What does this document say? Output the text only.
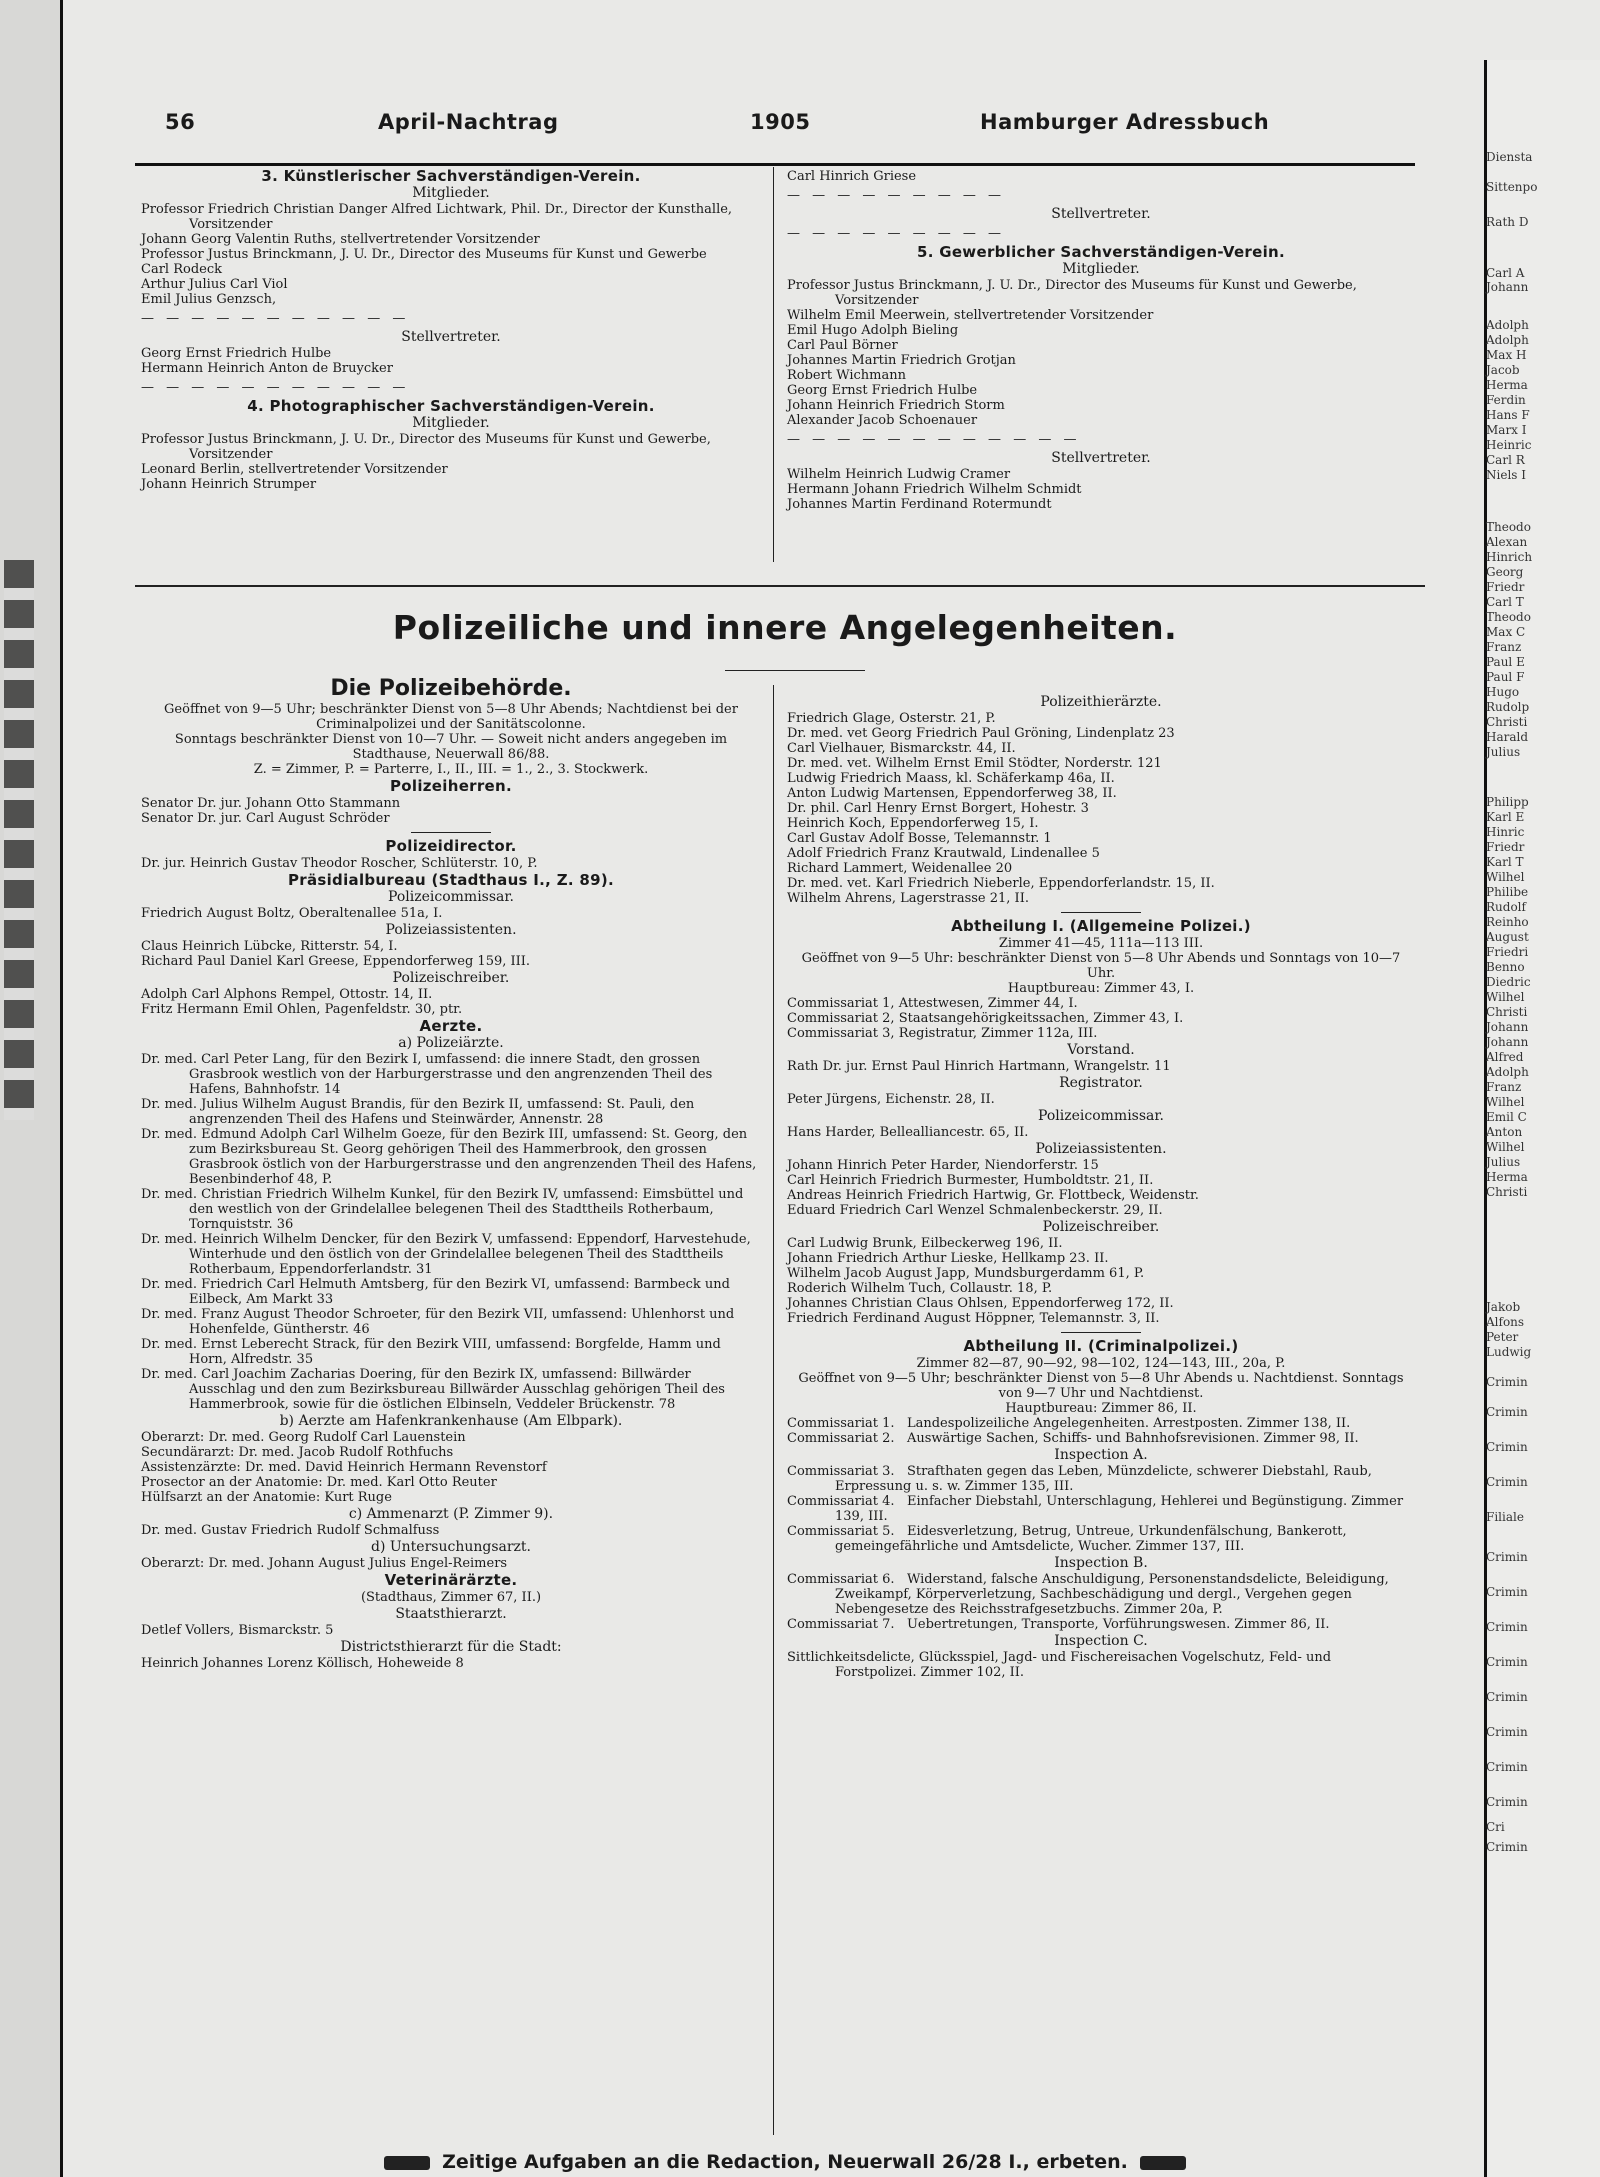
Diensta
Sittenpo
Rath D
Carl A
Johann
Adolph
Adolph
Max H
Jacob
Herma
Ferdin
Hans F
Marx I
Heinric
Carl R
Niels I
Theodo
Alexan
Hinrich
Georg
Friedr
Carl T
Theodo
Max C
Franz
Paul E
Paul F
Hugo
Rudolp
Christi
Harald
Julius
Philipp
Karl E
Hinric
Friedr
Karl T
Wilhel
Philibe
Rudolf
Reinho
August
Friedri
Benno
Diedric
Wilhel
Christi
Johann
Johann
Alfred
Adolph
Franz
Wilhel
Emil C
Anton
Wilhel
Julius
Herma
Christi
Jakob
Alfons
Peter
Ludwig
Crimin
Crimin
Crimin
Crimin
Filiale
Crimin
Crimin
Crimin
Crimin
Crimin
Crimin
Crimin
Crimin
Cri
Crimin
56	April-Nachtrag	1905	Hamburger Adressbuch
3. Künstlerischer Sachverständigen-Verein.
Mitglieder.
Professor Friedrich Christian Danger Alfred Lichtwark, Phil. Dr., Director der Kunsthalle, Vorsitzender
Johann Georg Valentin Ruths, stellvertretender Vorsitzender
Professor Justus Brinckmann, J. U. Dr., Director des Museums für Kunst und Gewerbe
Carl Rodeck
Arthur Julius Carl Viol
Emil Julius Genzsch,
— — — — — — — — — — —
Stellvertreter.
Georg Ernst Friedrich Hulbe
Hermann Heinrich Anton de Bruycker
— — — — — — — — — — —
4. Photographischer Sachverständigen-Verein.
Mitglieder.
Professor Justus Brinckmann, J. U. Dr., Director des Museums für Kunst und Gewerbe, Vorsitzender
Leonard Berlin, stellvertretender Vorsitzender
Johann Heinrich Strumper
Carl Hinrich Griese
— — — — — — — — —
Stellvertreter.
— — — — — — — — —
5. Gewerblicher Sachverständigen-Verein.
Mitglieder.
Professor Justus Brinckmann, J. U. Dr., Director des Museums für Kunst und Gewerbe, Vorsitzender
Wilhelm Emil Meerwein, stellvertretender Vorsitzender
Emil Hugo Adolph Bieling
Carl Paul Börner
Johannes Martin Friedrich Grotjan
Robert Wichmann
Georg Ernst Friedrich Hulbe
Johann Heinrich Friedrich Storm
Alexander Jacob Schoenauer
— — — — — — — — — — — —
Stellvertreter.
Wilhelm Heinrich Ludwig Cramer
Hermann Johann Friedrich Wilhelm Schmidt
Johannes Martin Ferdinand Rotermundt
Polizeiliche und innere Angelegenheiten.
Die Polizeibehörde.
Geöffnet von 9—5 Uhr; beschränkter Dienst von 5—8 Uhr Abends; Nachtdienst bei der Criminalpolizei und der Sanitätscolonne.
Sonntags beschränkter Dienst von 10—7 Uhr. — Soweit nicht anders angegeben im Stadthause, Neuerwall 86/88.
Z. = Zimmer, P. = Parterre, I., II., III. = 1., 2., 3. Stockwerk.
Polizeiherren.
Senator Dr. jur. Johann Otto Stammann
Senator Dr. jur. Carl August Schröder
Polizeidirector.
Dr. jur. Heinrich Gustav Theodor Roscher, Schlüterstr. 10, P.
Präsidialbureau (Stadthaus I., Z. 89).
Polizeicommissar.
Friedrich August Boltz, Oberaltenallee 51a, I.
Polizeiassistenten.
Claus Heinrich Lübcke, Ritterstr. 54, I.
Richard Paul Daniel Karl Greese, Eppendorferweg 159, III.
Polizeischreiber.
Adolph Carl Alphons Rempel, Ottostr. 14, II.
Fritz Hermann Emil Ohlen, Pagenfeldstr. 30, ptr.
Aerzte.
a) Polizeiärzte.
Dr. med. Carl Peter Lang, für den Bezirk I, umfassend: die innere Stadt, den grossen Grasbrook westlich von der Harburgerstrasse und den angrenzenden Theil des Hafens, Bahnhofstr. 14
Dr. med. Julius Wilhelm August Brandis, für den Bezirk II, umfassend: St. Pauli, den angrenzenden Theil des Hafens und Steinwärder, Annenstr. 28
Dr. med. Edmund Adolph Carl Wilhelm Goeze, für den Bezirk III, umfassend: St. Georg, den zum Bezirksbureau St. Georg gehörigen Theil des Hammerbrook, den grossen Grasbrook östlich von der Harburgerstrasse und den angrenzenden Theil des Hafens, Besenbinderhof 48, P.
Dr. med. Christian Friedrich Wilhelm Kunkel, für den Bezirk IV, umfassend: Eimsbüttel und den westlich von der Grindelallee belegenen Theil des Stadttheils Rotherbaum, Tornquiststr. 36
Dr. med. Heinrich Wilhelm Dencker, für den Bezirk V, umfassend: Eppendorf, Harvestehude, Winterhude und den östlich von der Grindelallee belegenen Theil des Stadttheils Rotherbaum, Eppendorferlandstr. 31
Dr. med. Friedrich Carl Helmuth Amtsberg, für den Bezirk VI, umfassend: Barmbeck und Eilbeck, Am Markt 33
Dr. med. Franz August Theodor Schroeter, für den Bezirk VII, umfassend: Uhlenhorst und Hohenfelde, Güntherstr. 46
Dr. med. Ernst Leberecht Strack, für den Bezirk VIII, umfassend: Borgfelde, Hamm und Horn, Alfredstr. 35
Dr. med. Carl Joachim Zacharias Doering, für den Bezirk IX, umfassend: Billwärder Ausschlag und den zum Bezirksbureau Billwärder Ausschlag gehörigen Theil des Hammerbrook, sowie für die östlichen Elbinseln, Veddeler Brückenstr. 78
b) Aerzte am Hafenkrankenhause (Am Elbpark).
Oberarzt: Dr. med. Georg Rudolf Carl Lauenstein
Secundärarzt: Dr. med. Jacob Rudolf Rothfuchs
Assistenzärzte: Dr. med. David Heinrich Hermann Revenstorf
Prosector an der Anatomie: Dr. med. Karl Otto Reuter
Hülfsarzt an der Anatomie: Kurt Ruge
c) Ammenarzt (P. Zimmer 9).
Dr. med. Gustav Friedrich Rudolf Schmalfuss
d) Untersuchungsarzt.
Oberarzt: Dr. med. Johann August Julius Engel-Reimers
Veterinärärzte.
(Stadthaus, Zimmer 67, II.)
Staatsthierarzt.
Detlef Vollers, Bismarckstr. 5
Districtsthierarzt für die Stadt:
Heinrich Johannes Lorenz Köllisch, Hoheweide 8
Polizeithierärzte.
Friedrich Glage, Osterstr. 21, P.
Dr. med. vet Georg Friedrich Paul Gröning, Lindenplatz 23
Carl Vielhauer, Bismarckstr. 44, II.
Dr. med. vet. Wilhelm Ernst Emil Stödter, Norderstr. 121
Ludwig Friedrich Maass, kl. Schäferkamp 46a, II.
Anton Ludwig Martensen, Eppendorferweg 38, II.
Dr. phil. Carl Henry Ernst Borgert, Hohestr. 3
Heinrich Koch, Eppendorferweg 15, I.
Carl Gustav Adolf Bosse, Telemannstr. 1
Adolf Friedrich Franz Krautwald, Lindenallee 5
Richard Lammert, Weidenallee 20
Dr. med. vet. Karl Friedrich Nieberle, Eppendorferlandstr. 15, II.
Wilhelm Ahrens, Lagerstrasse 21, II.
Abtheilung I. (Allgemeine Polizei.)
Zimmer 41—45, 111a—113 III.
Geöffnet von 9—5 Uhr: beschränkter Dienst von 5—8 Uhr Abends und Sonntags von 10—7 Uhr.
Hauptbureau: Zimmer 43, I.
Commissariat 1, Attestwesen, Zimmer 44, I.
Commissariat 2, Staatsangehörigkeitssachen, Zimmer 43, I.
Commissariat 3, Registratur, Zimmer 112a, III.
Vorstand.
Rath Dr. jur. Ernst Paul Hinrich Hartmann, Wrangelstr. 11
Registrator.
Peter Jürgens, Eichenstr. 28, II.
Polizeicommissar.
Hans Harder, Bellealliancestr. 65, II.
Polizeiassistenten.
Johann Hinrich Peter Harder, Niendorferstr. 15
Carl Heinrich Friedrich Burmester, Humboldtstr. 21, II.
Andreas Heinrich Friedrich Hartwig, Gr. Flottbeck, Weidenstr.
Eduard Friedrich Carl Wenzel Schmalenbeckerstr. 29, II.
Polizeischreiber.
Carl Ludwig Brunk, Eilbeckerweg 196, II.
Johann Friedrich Arthur Lieske, Hellkamp 23. II.
Wilhelm Jacob August Japp, Mundsburgerdamm 61, P.
Roderich Wilhelm Tuch, Collaustr. 18, P.
Johannes Christian Claus Ohlsen, Eppendorferweg 172, II.
Friedrich Ferdinand August Höppner, Telemannstr. 3, II.
Abtheilung II. (Criminalpolizei.)
Zimmer 82—87, 90—92, 98—102, 124—143, III., 20a, P.
Geöffnet von 9—5 Uhr; beschränkter Dienst von 5—8 Uhr Abends u. Nachtdienst. Sonntags von 9—7 Uhr und Nachtdienst.
Hauptbureau: Zimmer 86, II.
Commissariat 1.   Landespolizeiliche Angelegenheiten. Arrestposten. Zimmer 138, II.
Commissariat 2.   Auswärtige Sachen, Schiffs- und Bahnhofsrevisionen. Zimmer 98, II.
Inspection A.
Commissariat 3.   Strafthaten gegen das Leben, Münzdelicte, schwerer Diebstahl, Raub, Erpressung u. s. w. Zimmer 135, III.
Commissariat 4.   Einfacher Diebstahl, Unterschlagung, Hehlerei und Begünstigung. Zimmer 139, III.
Commissariat 5.   Eidesverletzung, Betrug, Untreue, Urkundenfälschung, Bankerott, gemeingefährliche und Amtsdelicte, Wucher. Zimmer 137, III.
Inspection B.
Commissariat 6.   Widerstand, falsche Anschuldigung, Personenstandsdelicte, Beleidigung, Zweikampf, Körperverletzung, Sachbeschädigung und dergl., Vergehen gegen Nebengesetze des Reichsstrafgesetzbuchs. Zimmer 20a, P.
Commissariat 7.   Uebertretungen, Transporte, Vorführungswesen. Zimmer 86, II.
Inspection C.
Sittlichkeitsdelicte, Glücksspiel, Jagd- und Fischereisachen Vogelschutz, Feld- und Forstpolizei. Zimmer 102, II.
Zeitige Aufgaben an die Redaction, Neuerwall 26/28 I., erbeten.
